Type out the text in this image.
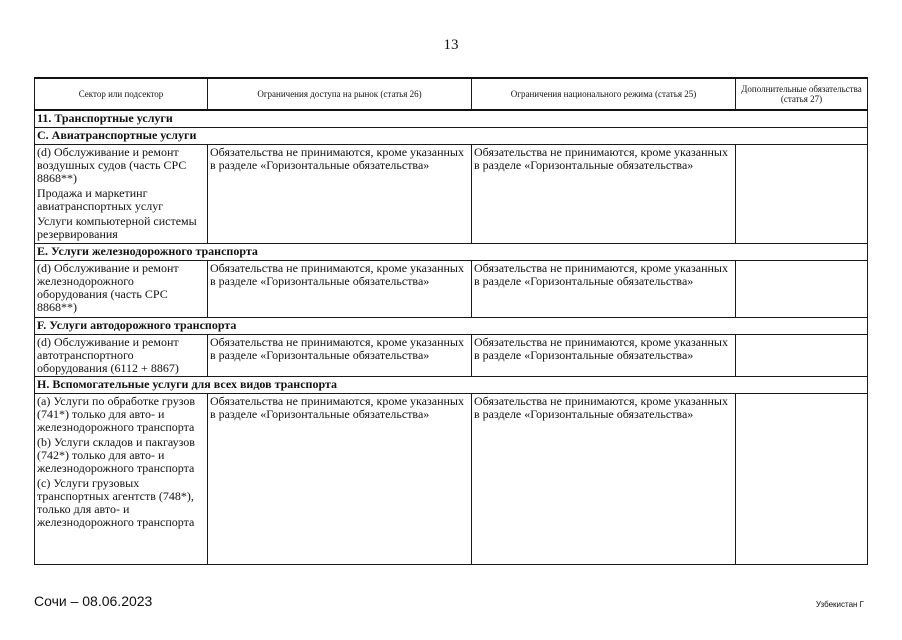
13
Сектор или подсектор	Ограничения доступа на рынок (статья 26)	Ограничения национального режима (статья 25)	Дополнительные обязательства (статья 27)
11. Транспортные услуги			
C. Авиатранспортные услуги			

(d) Обслуживание и ремонт воздушных судов (часть СРС 8868**)

Продажа и маркетинг авиатранспортных услуг

Услуги компьютерной системы резервирования	Обязательства не принимаются, кроме указанных в разделе «Горизонтальные обязательства»	Обязательства не принимаются, кроме указанных в разделе «Горизонтальные обязательства»	
E. Услуги железнодорожного транспорта			

(d) Обслуживание и ремонт железнодорожного оборудования (часть СРС 8868**)	Обязательства не принимаются, кроме указанных в разделе «Горизонтальные обязательства»	Обязательства не принимаются, кроме указанных в разделе «Горизонтальные обязательства»	
F. Услуги автодорожного транспорта			

(d) Обслуживание и ремонт автотранспортного оборудования (6112 + 8867)	Обязательства не принимаются, кроме указанных в разделе «Горизонтальные обязательства»	Обязательства не принимаются, кроме указанных в разделе «Горизонтальные обязательства»	
H. Вспомогательные услуги для всех видов транспорта			

(a) Услуги по обработке грузов (741*) только для авто- и железнодорожного транспорта

(b) Услуги складов и пакгаузов (742*) только для авто- и железнодорожного транспорта

(c) Услуги грузовых транспортных агентств (748*), только для авто- и железнодорожного транспорта	Обязательства не принимаются, кроме указанных в разделе «Горизонтальные обязательства»	Обязательства не принимаются, кроме указанных в разделе «Горизонтальные обязательства»	
Сочи – 08.06.2023	Узбекистан Г
